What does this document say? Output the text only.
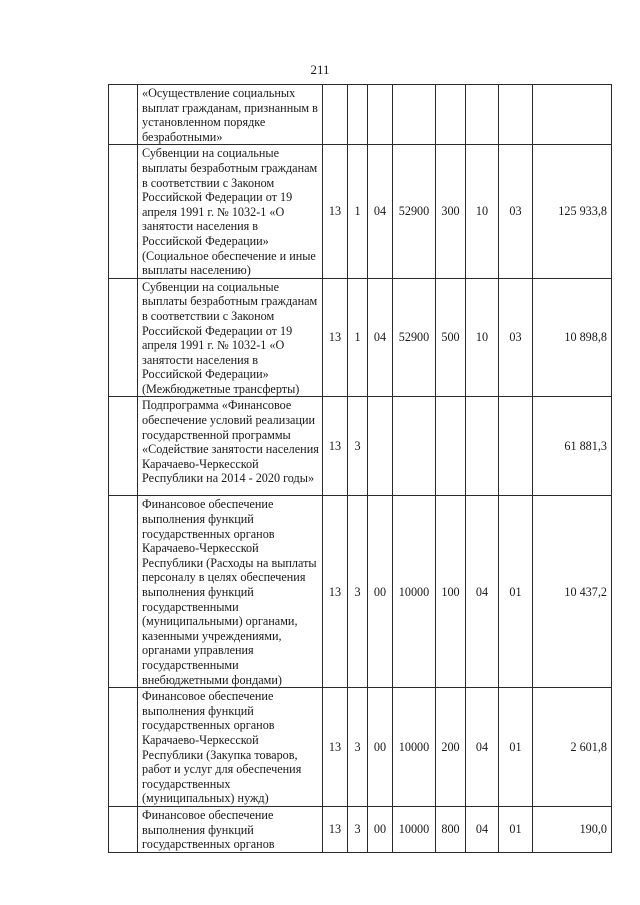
211
	«Осуществление социальных выплат гражданам, признанным в установленном порядке безработными»								
	Субвенции на социальные выплаты безработным гражданам в соответствии с Законом Российской Федерации от 19 апреля 1991 г. № 1032-1 «О занятости населения в Российской Федерации» (Социальное обеспечение и иные выплаты населению)	13	1	04	52900	300	10	03	125 933,8
	Субвенции на социальные выплаты безработным гражданам в соответствии с Законом Российской Федерации от 19 апреля 1991 г. № 1032-1 «О занятости населения в Российской Федерации» (Межбюджетные трансферты)	13	1	04	52900	500	10	03	10 898,8
	Подпрограмма «Финансовое обеспечение условий реализации государственной программы «Содействие занятости населения Карачаево-Черкесской Республики на 2014 - 2020 годы»	13	3						61 881,3
	Финансовое обеспечение выполнения функций государственных органов Карачаево-Черкесской Республики (Расходы на выплаты персоналу в целях обеспечения выполнения функций государственными (муниципальными) органами, казенными учреждениями, органами управления государственными внебюджетными фондами)	13	3	00	10000	100	04	01	10 437,2
	Финансовое обеспечение выполнения функций государственных органов Карачаево-Черкесской Республики (Закупка товаров, работ и услуг для обеспечения государственных (муниципальных) нужд)	13	3	00	10000	200	04	01	2 601,8
	Финансовое обеспечение выполнения функций государственных органов	13	3	00	10000	800	04	01	190,0
